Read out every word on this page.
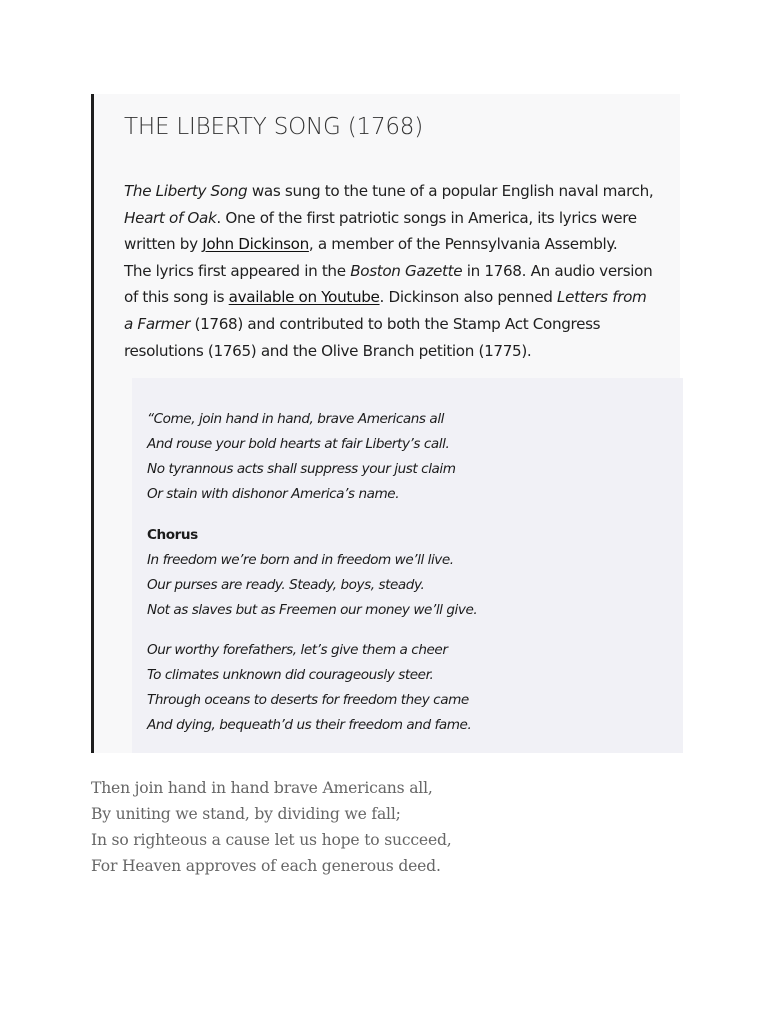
THE LIBERTY SONG (1768)

The Liberty Song was sung to the tune of a popular English naval march,
Heart of Oak. One of the first patriotic songs in America, its lyrics were
written by John Dickinson, a member of the Pennsylvania Assembly.
The lyrics first appeared in the Boston Gazette in 1768. An audio version
of this song is available on Youtube. Dickinson also penned Letters from
a Farmer (1768) and contributed to both the Stamp Act Congress
resolutions (1765) and the Olive Branch petition (1775).

“Come, join hand in hand, brave Americans all
And rouse your bold hearts at fair Liberty’s call.
No tyrannous acts shall suppress your just claim
Or stain with dishonor America’s name.

Chorus
In freedom we’re born and in freedom we’ll live.
Our purses are ready. Steady, boys, steady.
Not as slaves but as Freemen our money we’ll give.

Our worthy forefathers, let’s give them a cheer
To climates unknown did courageously steer.
Through oceans to deserts for freedom they came
And dying, bequeath’d us their freedom and fame.

Then join hand in hand brave Americans all,
By uniting we stand, by dividing we fall;
In so righteous a cause let us hope to succeed,
For Heaven approves of each generous deed.
